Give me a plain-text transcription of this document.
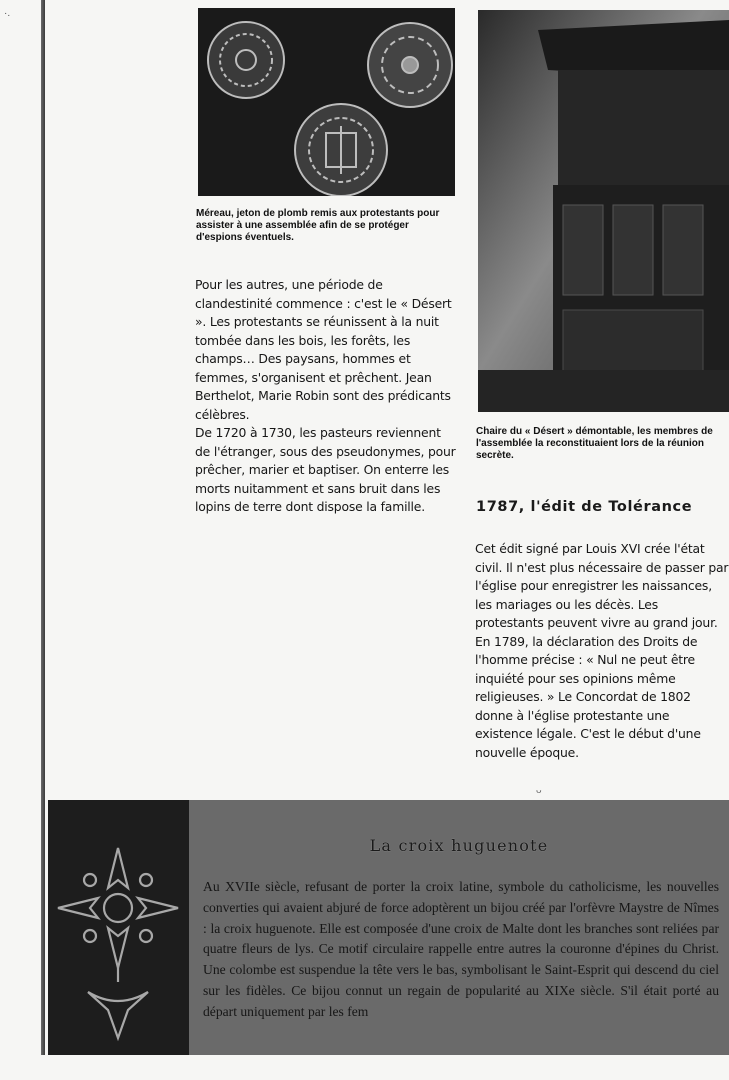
·.
Méreau, jeton de plomb remis aux protestants pour assister à une assemblée afin de se protéger d'espions éventuels.
Chaire du « Désert » démontable, les membres de l'assemblée la reconstituaient lors de la réunion secrète.

Pour les autres, une période de clandestinité commence : c'est le « Désert ». Les protestants se réunissent à la nuit tombée dans les bois, les forêts, les champs… Des paysans, hommes et femmes, s'organisent et prêchent. Jean Berthelot, Marie Robin sont des prédicants célèbres.

De 1720 à 1730, les pasteurs reviennent de l'étranger, sous des pseudonymes, pour prêcher, marier et baptiser. On enterre les morts nuitamment et sans bruit dans les lopins de terre dont dispose la famille.	1787, l'édit de Tolérance

Cet édit signé par Louis XVI crée l'état civil. Il n'est plus nécessaire de passer par l'église pour enregistrer les naissances, les mariages ou les décès. Les protestants peuvent vivre au grand jour. En 1789, la déclaration des Droits de l'homme précise : « Nul ne peut être inquiété pour ses opinions même religieuses. » Le Concordat de 1802 donne à l'église protestante une existence légale. C'est le début d'une nouvelle époque.

ᴗ
La croix huguenote

Au XVIIe siècle, refusant de porter la croix latine, symbole du catholicisme, les nouvelles converties qui avaient abjuré de force adoptèrent un bijou créé par l'orfèvre Maystre de Nîmes : la croix huguenote. Elle est composée d'une croix de Malte dont les branches sont reliées par quatre fleurs de lys. Ce motif circulaire rappelle entre autres la couronne d'épines du Christ. Une colombe est suspendue la tête vers le bas, symbolisant le Saint-Esprit qui descend du ciel sur les fidèles. Ce bijou connut un regain de popularité au XIXe siècle. S'il était porté au départ uniquement par les fem
